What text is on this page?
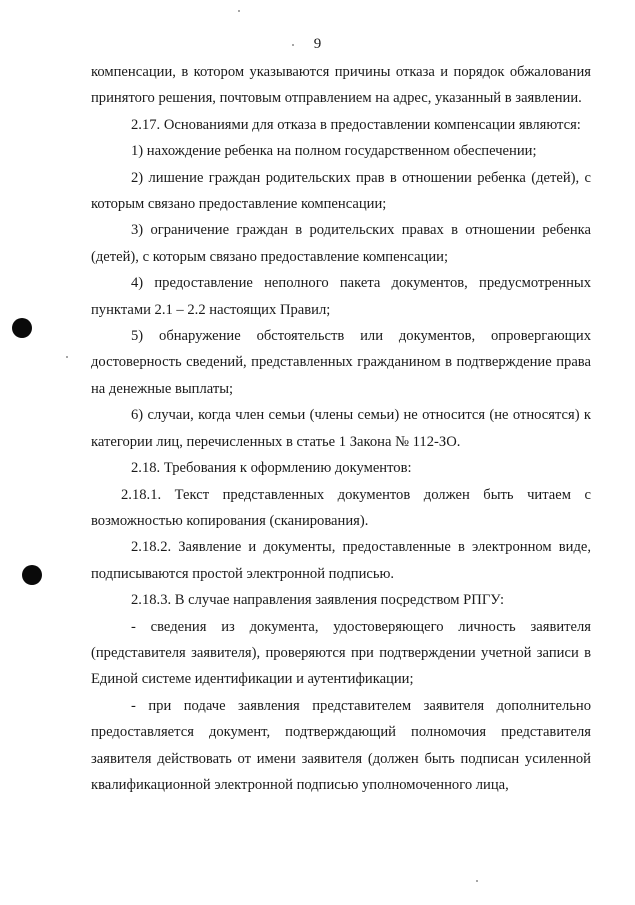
9

компенсации, в котором указываются причины отказа и порядок обжалования принятого решения, почтовым отправлением на адрес, указанный в заявлении.

2.17. Основаниями для отказа в предоставлении компенсации являются:

1) нахождение ребенка на полном государственном обеспечении;

2) лишение граждан родительских прав в отношении ребенка (детей), с которым связано предоставление компенсации;

3) ограничение граждан в родительских правах в отношении ребенка (детей), с которым связано предоставление компенсации;

4) предоставление неполного пакета документов, предусмотренных пунктами 2.1 – 2.2 настоящих Правил;

5) обнаружение обстоятельств или документов, опровергающих достоверность сведений, представленных гражданином в подтверждение права на денежные выплаты;

6) случаи, когда член семьи (члены семьи) не относится (не относятся) к категории лиц, перечисленных в статье 1 Закона № 112-ЗО.

2.18. Требования к оформлению документов:

2.18.1. Текст представленных документов должен быть читаем с возможностью копирования (сканирования).

2.18.2. Заявление и документы, предоставленные в электронном виде, подписываются простой электронной подписью.

2.18.3. В случае направления заявления посредством РПГУ:

- сведения из документа, удостоверяющего личность заявителя (представителя заявителя), проверяются при подтверждении учетной записи в Единой системе идентификации и аутентификации;

- при подаче заявления представителем заявителя дополнительно предоставляется документ, подтверждающий полномочия представителя заявителя действовать от имени заявителя (должен быть подписан усиленной квалификационной электронной подписью уполномоченного лица,
